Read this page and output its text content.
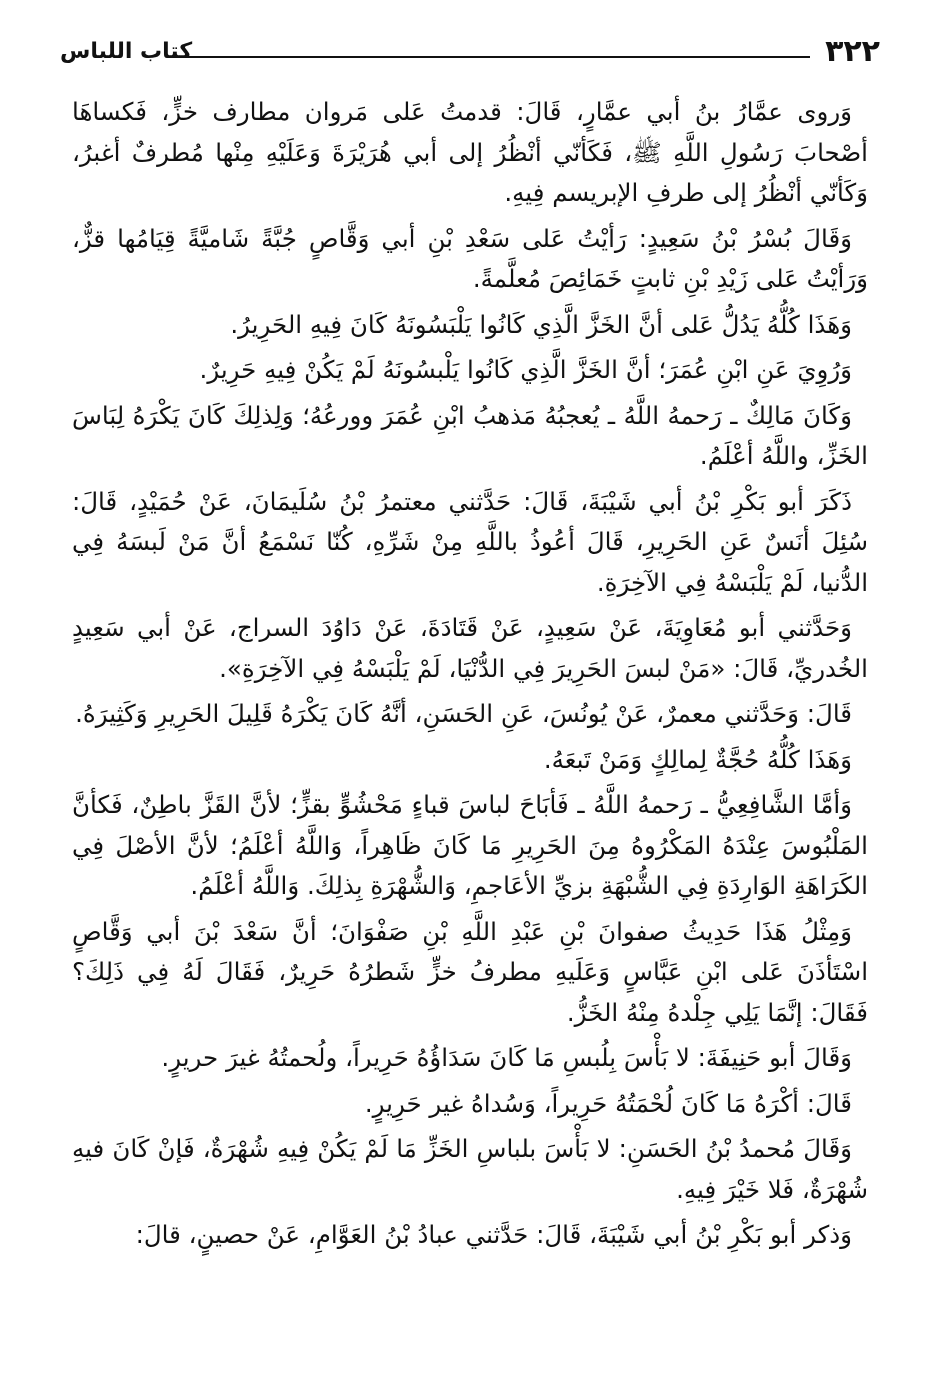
٣٢٢
كتاب اللباس

وَروى عمَّارُ بنُ أبي عمَّارٍ، قَالَ: قدمتُ عَلى مَروان مطارف خزٍّ، فَكساهَا أصْحابَ رَسُولِ اللَّهِ ﷺ، فَكَأنّي أنْظُرُ إلى أبي هُرَيْرَةَ وَعَلَيْهِ مِنْها مُطرفٌ أغبرُ، وَكَأنّي أنْظُرُ إلى طرفِ الإبريسم فِيهِ.

وَقَالَ بُسْرُ بْنُ سَعِيدٍ: رَأيْتُ عَلى سَعْدِ بْنِ أبي وَقَّاصٍ جُبَّةً شَاميَّةً قِيَامُها قزٌّ، وَرَأيْتُ عَلى زَيْدِ بْنِ ثابتٍ خَمَائِصَ مُعلَّمةً.

وَهَذَا كُلُّهُ يَدُلُّ عَلى أنَّ الخَزَّ الَّذِي كَانُوا يَلْبَسُونَهُ كَانَ فِيهِ الحَرِيرُ.

وَرُوِيَ عَنِ ابْنِ عُمَرَ؛ أنَّ الخَزَّ الَّذِي كَانُوا يَلْبسُونَهُ لَمْ يَكُنْ فِيهِ حَرِيرٌ.

وَكَانَ مَالِكٌ ـ رَحمهُ اللَّهُ ـ يُعجبُهُ مَذهبُ ابْنِ عُمَرَ وورعُهُ؛ وَلِذلِكَ كَانَ يَكْرَهُ لِبَاسَ الخَزِّ، واللَّهُ أعْلَمُ.

ذَكَرَ أبو بَكْرِ بْنُ أبي شَيْبَةَ، قَالَ: حَدَّثني معتمرُ بْنُ سُلَيمَانَ، عَنْ حُمَيْدٍ، قَالَ: سُئِلَ أنَسٌ عَنِ الحَرِيرِ، قَالَ أعُوذُ باللَّهِ مِنْ شَرِّهِ، كُنّا نَسْمَعُ أنَّ مَنْ لَبسَهُ فِي الدُّنيا، لَمْ يَلْبَسْهُ فِي الآخِرَةِ.

وَحَدَّثني أبو مُعَاوِيَةَ، عَنْ سَعِيدٍ، عَنْ قَتَادَةَ، عَنْ دَاوُدَ السراج، عَنْ أبي سَعِيدٍ الخُدريِّ، قَالَ: «مَنْ لبسَ الحَرِيرَ فِي الدُّنْيَا، لَمْ يَلْبَسْهُ فِي الآخِرَةِ».

قَالَ: وَحَدَّثني معمرٌ، عَنْ يُونُسَ، عَنِ الحَسَنِ، أنَّهُ كَانَ يَكْرَهُ قَلِيلَ الحَرِيرِ وَكَثِيرَهُ.

وَهَذَا كُلُّهُ حُجَّةٌ لِمالِكٍ وَمَنْ تَبعَهُ.

وَأمَّا الشَّافِعِيُّ ـ رَحمهُ اللَّهُ ـ فَأبَاحَ لباسَ قباءٍ مَحْشُوٍّ بقزٍّ؛ لأنَّ القَزَّ باطِنٌ، فَكأنَّ المَلْبُوسَ عِنْدَهُ المَكْرُوهُ مِنَ الحَرِيرِ مَا كَانَ ظَاهِراً، وَاللَّهُ أعْلَمُ؛ لأنَّ الأصْلَ فِي الكَرَاهَةِ الوَارِدَةِ فِي الشُّبْهَةِ بزيِّ الأعَاجمِ، وَالشُّهْرَةِ بِذلِكَ. وَاللَّهُ أعْلَمُ.

وَمِثْلُ هَذَا حَدِيثُ صفوانَ بْنِ عَبْدِ اللَّهِ بْنِ صَفْوَانَ؛ أنَّ سَعْدَ بْنَ أبي وَقَّاصٍ اسْتَأذَنَ عَلى ابْنِ عَبَّاسٍ وَعَلَيهِ مطرفُ خزٍّ شَطرُهُ حَرِيرٌ، فَقَالَ لَهُ فِي ذَلِكَ؟ فَقَالَ: إنَّمَا يَلِي جِلْدهُ مِنْهُ الخَزُّ.

وَقَالَ أبو حَنِيفَةَ: لا بَأْسَ بِلُبسِ مَا كَانَ سَدَاؤُهُ حَرِيراً، ولُحمتُهُ غيرَ حريرٍ.

قَالَ: أكْرَهُ مَا كَانَ لُحْمَتُهُ حَرِيراً، وَسُداهُ غير حَرِيرٍ.

وَقَالَ مُحمدُ بْنُ الحَسَنِ: لا بَأْسَ بلباسِ الخَزِّ مَا لَمْ يَكُنْ فِيهِ شُهْرَةٌ، فَإنْ كَانَ فيهِ شُهْرَةٌ، فَلا خَيْرَ فِيهِ.

وَذكر أبو بَكْرِ بْنُ أبي شَيْبَةَ، قَالَ: حَدَّثني عبادُ بْنُ العَوَّامِ، عَنْ حصينٍ، قالَ:
